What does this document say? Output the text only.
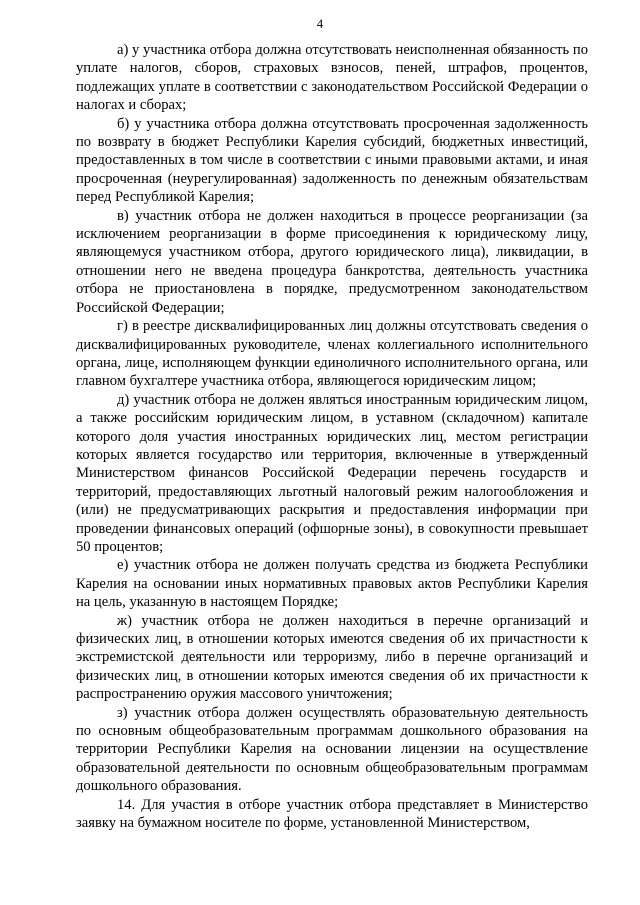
4

а) у участника отбора должна отсутствовать неисполненная обязанность по уплате налогов, сборов, страховых взносов, пеней, штрафов, процентов, подлежащих уплате в соответствии с законодательством Российской Федерации о налогах и сборах;

б) у участника отбора должна отсутствовать просроченная задолженность по возврату в бюджет Республики Карелия субсидий, бюджетных инвестиций, предоставленных в том числе в соответствии с иными правовыми актами, и иная просроченная (неурегулированная) задолженность по денежным обязательствам перед Республикой Карелия;

в) участник отбора не должен находиться в процессе реорганизации (за исключением реорганизации в форме присоединения к юридическому лицу, являющемуся участником отбора, другого юридического лица), ликвидации, в отношении него не введена процедура банкротства, деятельность участника отбора не приостановлена в порядке, предусмотренном законодательством Российской Федерации;

г) в реестре дисквалифицированных лиц должны отсутствовать сведения о дисквалифицированных руководителе, членах коллегиального исполнительного органа, лице, исполняющем функции единоличного исполнительного органа, или главном бухгалтере участника отбора, являющегося юридическим лицом;

д) участник отбора не должен являться иностранным юридическим лицом, а также российским юридическим лицом, в уставном (складочном) капитале которого доля участия иностранных юридических лиц, местом регистрации которых является государство или территория, включенные в утвержденный Министерством финансов Российской Федерации перечень государств и территорий, предоставляющих льготный налоговый режим налогообложения и (или) не предусматривающих раскрытия и предоставления информации при проведении финансовых операций (офшорные зоны), в совокупности превышает 50 процентов;

е) участник отбора не должен получать средства из бюджета Республики Карелия на основании иных нормативных правовых актов Республики Карелия на цель, указанную в настоящем Порядке;

ж) участник отбора не должен находиться в перечне организаций и физических лиц, в отношении которых имеются сведения об их причастности к экстремистской деятельности или терроризму, либо в перечне организаций и физических лиц, в отношении которых имеются сведения об их причастности к распространению оружия массового уничтожения;

з) участник отбора должен осуществлять образовательную деятельность по основным общеобразовательным программам дошкольного образования на территории Республики Карелия на основании лицензии на осуществление образовательной деятельности по основным общеобразовательным программам дошкольного образования.

14. Для участия в отборе участник отбора представляет в Министерство заявку на бумажном носителе по форме, установленной Министерством,
